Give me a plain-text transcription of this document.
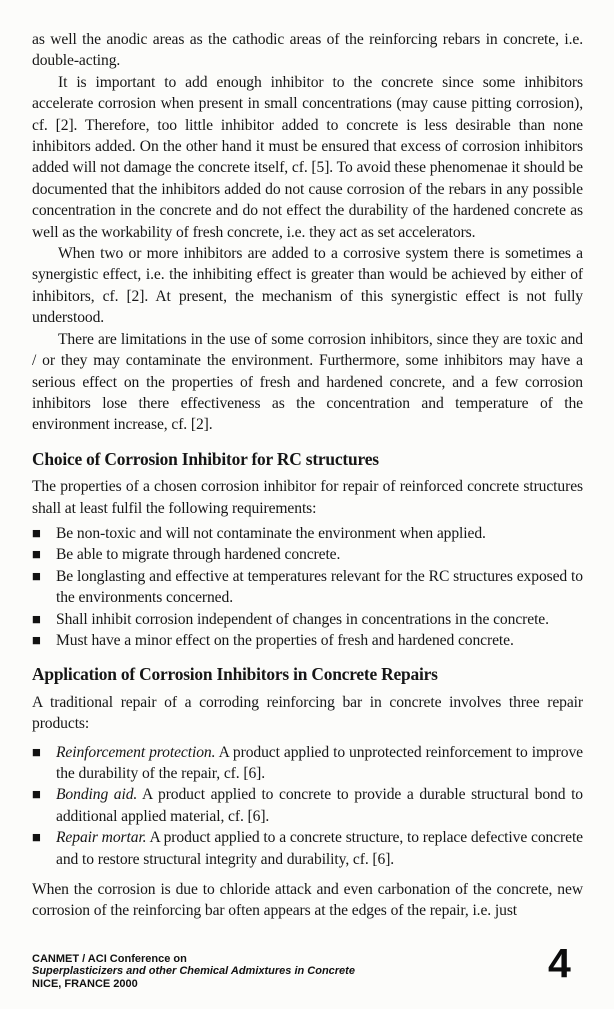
as well the anodic areas as the cathodic areas of the reinforcing rebars in concrete, i.e. double-acting.

It is important to add enough inhibitor to the concrete since some inhibitors accelerate corrosion when present in small concentrations (may cause pitting corrosion), cf. [2]. Therefore, too little inhibitor added to concrete is less desirable than none inhibitors added. On the other hand it must be ensured that excess of corrosion inhibitors added will not damage the concrete itself, cf. [5]. To avoid these phenomenae it should be documented that the inhibitors added do not cause corrosion of the rebars in any possible concentration in the concrete and do not effect the durability of the hardened concrete as well as the workability of fresh concrete, i.e. they act as set accelerators.

When two or more inhibitors are added to a corrosive system there is sometimes a synergistic effect, i.e. the inhibiting effect is greater than would be achieved by either of inhibitors, cf. [2]. At present, the mechanism of this synergistic effect is not fully understood.

There are limitations in the use of some corrosion inhibitors, since they are toxic and / or they may contaminate the environment. Furthermore, some inhibitors may have a serious effect on the properties of fresh and hardened concrete, and a few corrosion inhibitors lose there effectiveness as the concentration and temperature of the environment increase, cf. [2].

Choice of Corrosion Inhibitor for RC structures

The properties of a chosen corrosion inhibitor for repair of reinforced concrete structures shall at least fulfil the following requirements:

■ Be non-toxic and will not contaminate the environment when applied.
■ Be able to migrate through hardened concrete.
■ Be longlasting and effective at temperatures relevant for the RC structures exposed to the environments concerned.
■ Shall inhibit corrosion independent of changes in concentrations in the concrete.
■ Must have a minor effect on the properties of fresh and hardened concrete.
Application of Corrosion Inhibitors in Concrete Repairs

A traditional repair of a corroding reinforcing bar in concrete involves three repair products:

■ Reinforcement protection. A product applied to unprotected reinforcement to improve the durability of the repair, cf. [6].
■ Bonding aid. A product applied to concrete to provide a durable structural bond to additional applied material, cf. [6].
■ Repair mortar. A product applied to a concrete structure, to replace defective concrete and to restore structural integrity and durability, cf. [6].

When the corrosion is due to chloride attack and even carbonation of the concrete, new corrosion of the reinforcing bar often appears at the edges of the repair, i.e. just

CANMET / ACI Conference on
Superplasticizers and other Chemical Admixtures in Concrete
NICE, FRANCE 2000	4
